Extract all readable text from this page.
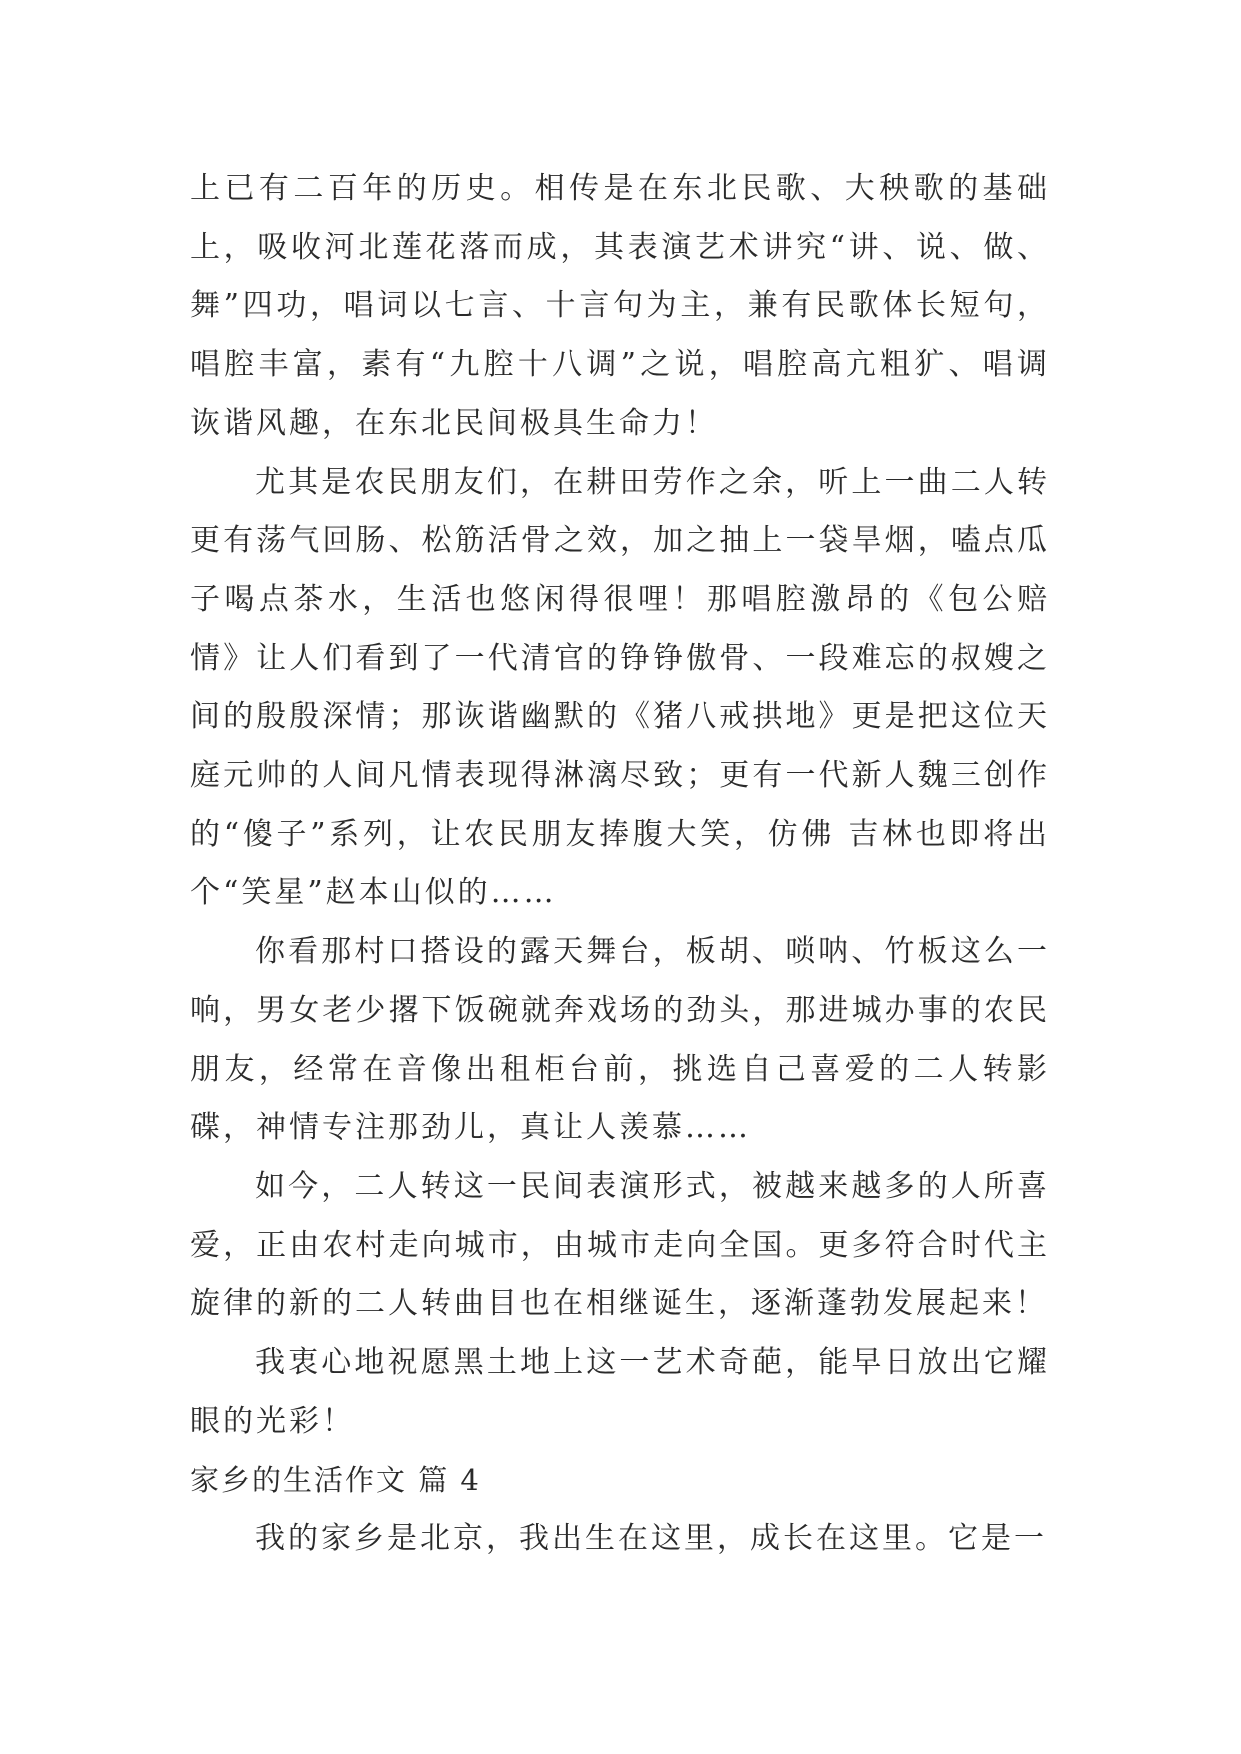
上已有二百年的历史。相传是在东北民歌、大秧歌的基础上，吸收河北莲花落而成，其表演艺术讲究“讲、说、做、舞”四功，唱词以七言、十言句为主，兼有民歌体长短句，唱腔丰富，素有“九腔十八调”之说，唱腔高亢粗犷、唱调诙谐风趣，在东北民间极具生命力！

尤其是农民朋友们，在耕田劳作之余，听上一曲二人转更有荡气回肠、松筋活骨之效，加之抽上一袋旱烟，嗑点瓜子喝点茶水，生活也悠闲得很哩！那唱腔激昂的《包公赔情》让人们看到了一代清官的铮铮傲骨、一段难忘的叔嫂之间的殷殷深情；那诙谐幽默的《猪八戒拱地》更是把这位天庭元帅的人间凡情表现得淋漓尽致；更有一代新人魏三创作的“傻子”系列，让农民朋友捧腹大笑，仿佛 吉林也即将出个“笑星”赵本山似的……

你看那村口搭设的露天舞台，板胡、唢呐、竹板这么一响，男女老少撂下饭碗就奔戏场的劲头，那进城办事的农民朋友，经常在音像出租柜台前，挑选自己喜爱的二人转影碟，神情专注那劲儿，真让人羡慕……

如今，二人转这一民间表演形式，被越来越多的人所喜爱，正由农村走向城市，由城市走向全国。更多符合时代主旋律的新的二人转曲目也在相继诞生，逐渐蓬勃发展起来！

我衷心地祝愿黑土地上这一艺术奇葩，能早日放出它耀眼的光彩！

家乡的生活作文 篇 4

我的家乡是北京，我出生在这里，成长在这里。它是一
